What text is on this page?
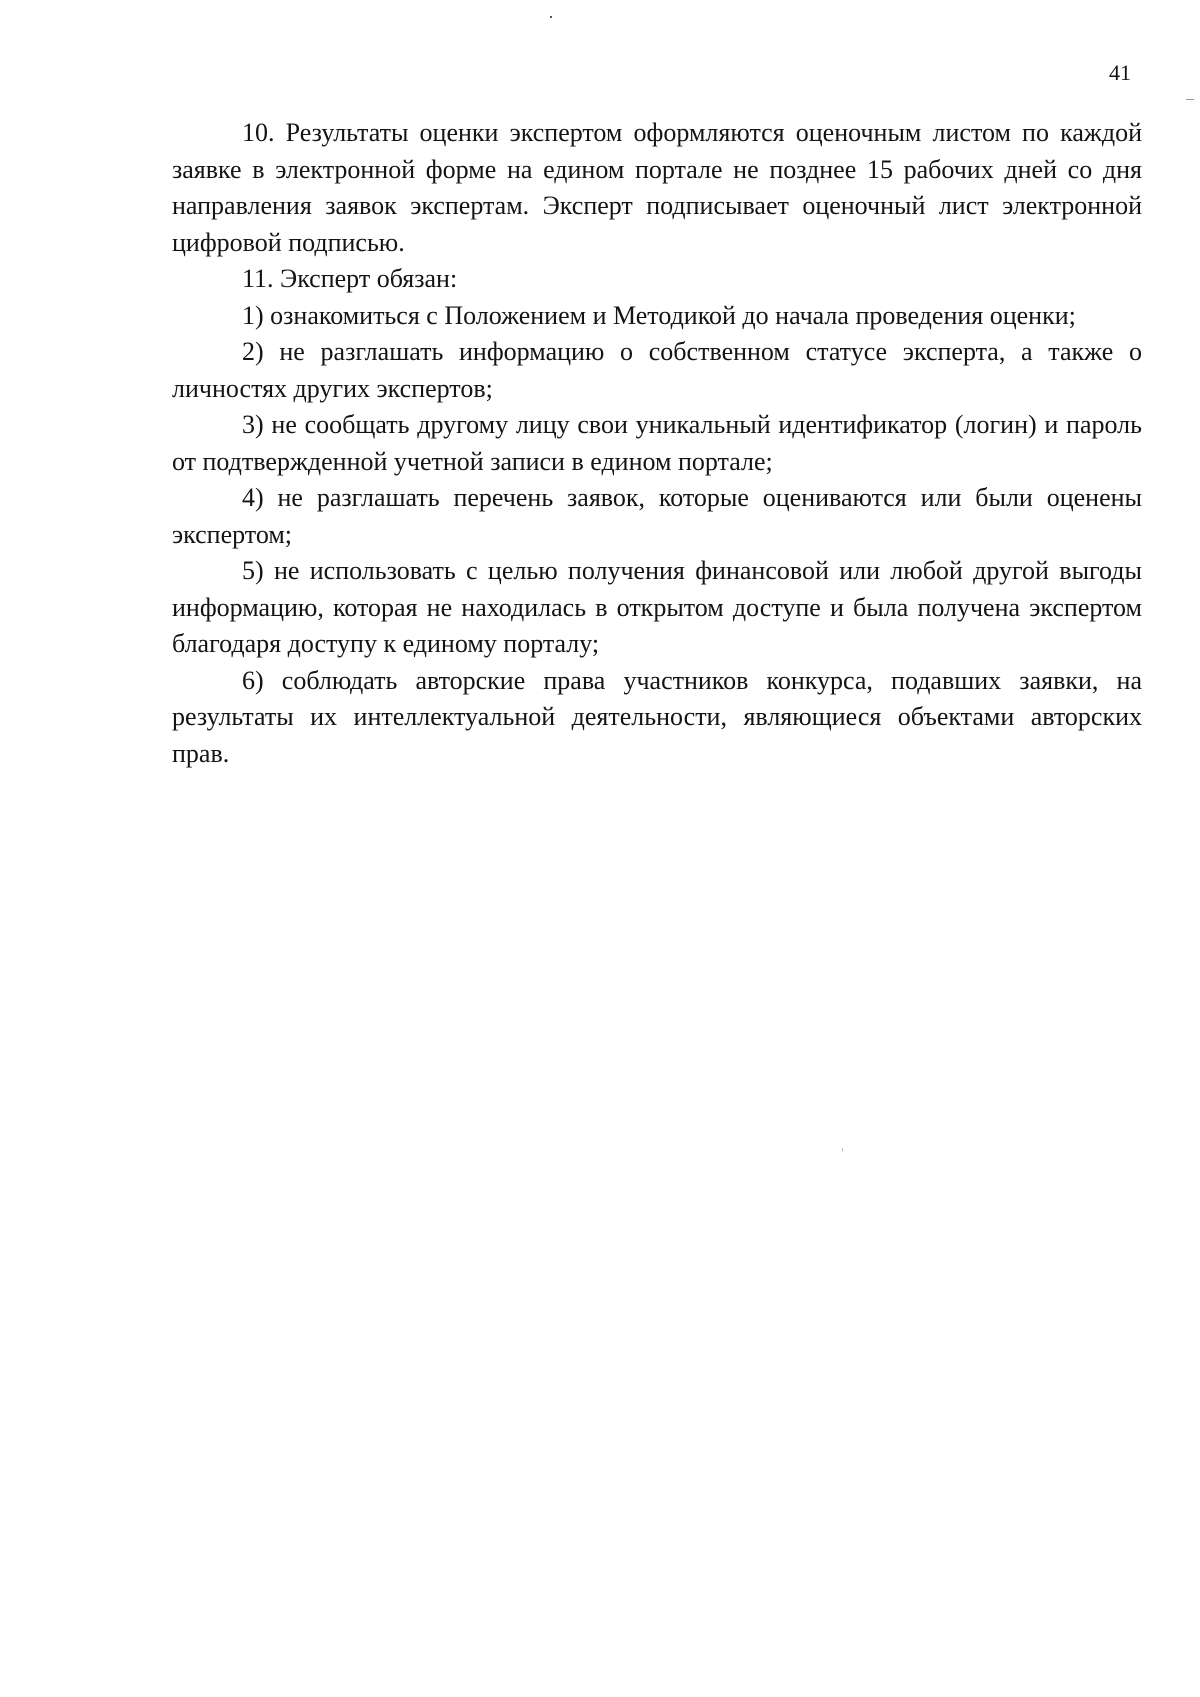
41

10. Результаты оценки экспертом оформляются оценочным листом по каждой заявке в электронной форме на едином портале не позднее 15 рабочих дней со дня направления заявок экспертам. Эксперт подписывает оценочный лист электронной цифровой подписью.

11. Эксперт обязан:

1) ознакомиться с Положением и Методикой до начала проведения оценки;

2) не разглашать информацию о собственном статусе эксперта, а также о личностях других экспертов;

3) не сообщать другому лицу свои уникальный идентификатор (логин) и пароль от подтвержденной учетной записи в едином портале;

4) не разглашать перечень заявок, которые оцениваются или были оценены экспертом;

5) не использовать с целью получения финансовой или любой другой выгоды информацию, которая не находилась в открытом доступе и была получена экспертом благодаря доступу к единому порталу;

6) соблюдать авторские права участников конкурса, подавших заявки, на результаты их интеллектуальной деятельности, являющиеся объектами авторских прав.
